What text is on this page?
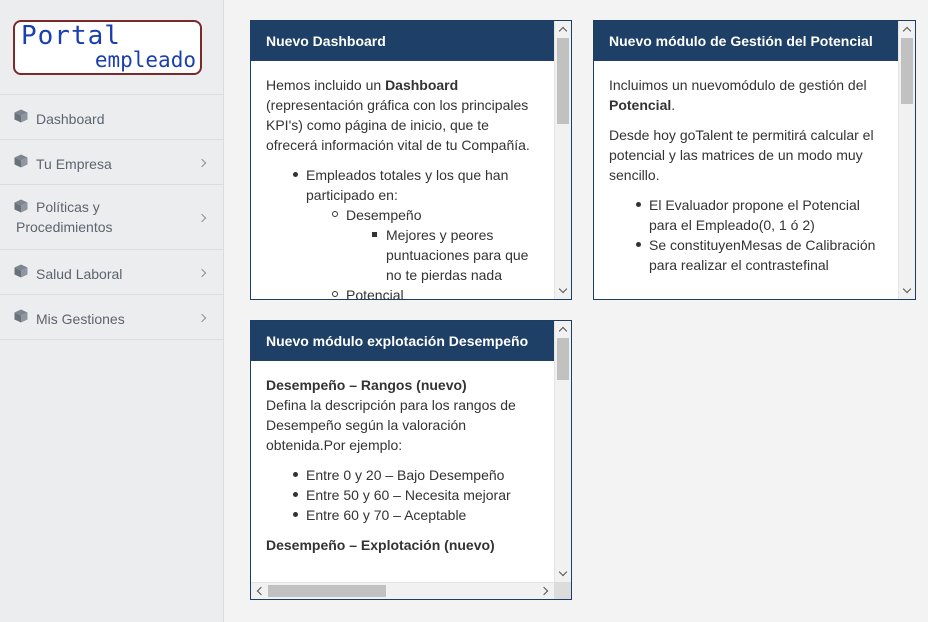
Portal
empleado
Dashboard
Tu Empresa
Políticas y Procedimientos
Salud Laboral
Mis Gestiones
Nuevo Dashboard

Hemos incluido un Dashboard (representación gráfica con los principales KPI's) como página de inicio, que te ofrecerá información vital de tu Compañía.

Empleados totales y los que han participado en:
Desempeño
Mejores y peores puntuaciones para que no te pierdas nada
Potencial
Nuevo módulo de Gestión del Potencial

Incluimos un nuevomódulo de gestión del Potencial.

Desde hoy goTalent te permitirá calcular el potencial y las matrices de un modo muy sencillo.

El Evaluador propone el Potencial para el Empleado(0, 1 ó 2)
Se constituyenMesas de Calibración para realizar el contrastefinal
Nuevo módulo explotación Desempeño
Desempeño – Rangos (nuevo)

Defina la descripción para los rangos de Desempeño según la valoración obtenida.Por ejemplo:

Entre 0 y 20 – Bajo Desempeño
Entre 50 y 60 – Necesita mejorar
Entre 60 y 70 – Aceptable
Desempeño – Explotación (nuevo)
